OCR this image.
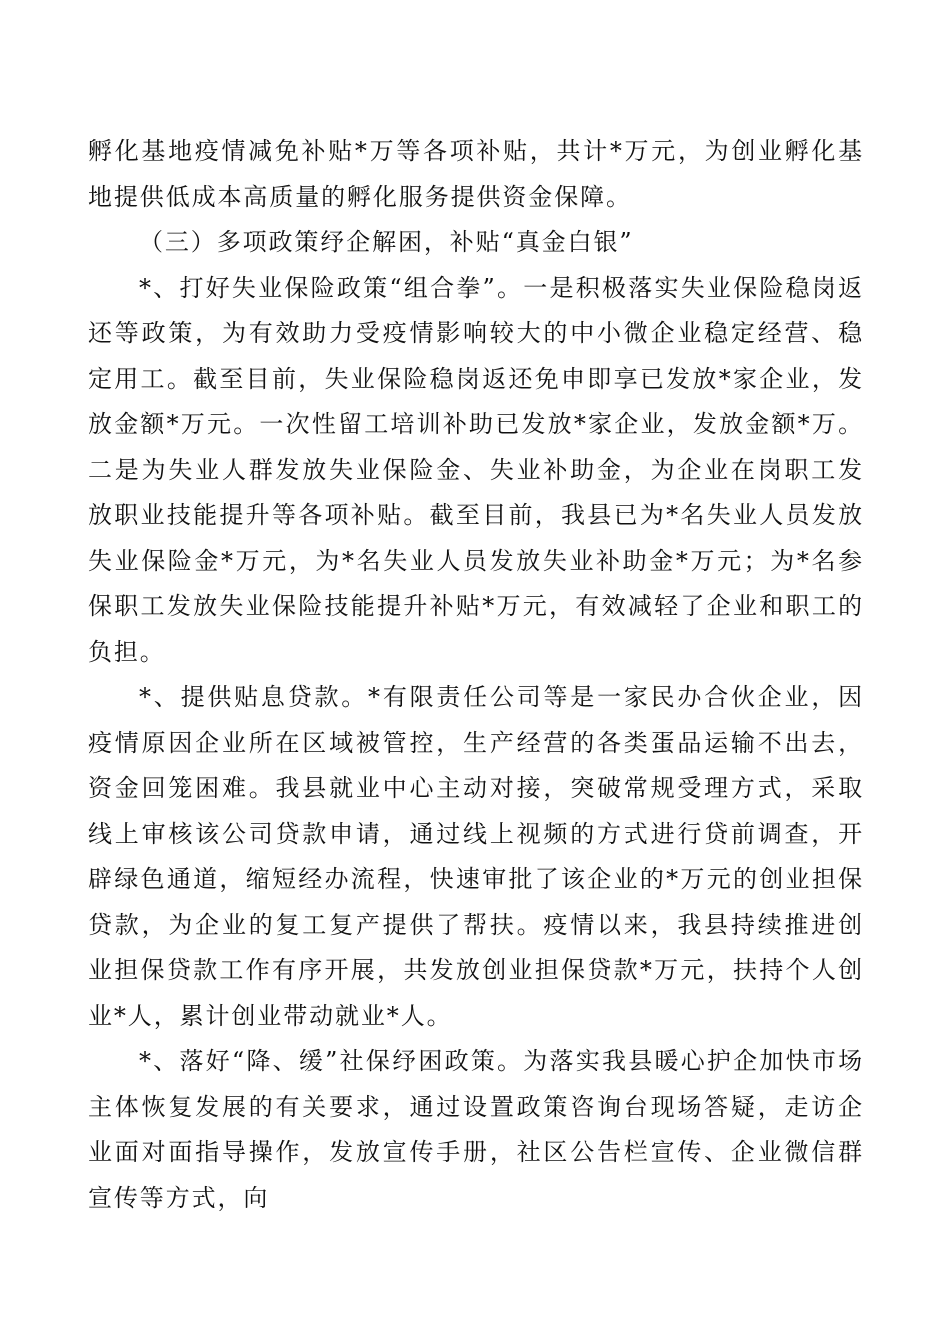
孵化基地疫情减免补贴*万等各项补贴，共计*万元，为创业孵化基地提供低成本高质量的孵化服务提供资金保障。

（三）多项政策纾企解困，补贴“真金白银”

*、打好失业保险政策“组合拳”。一是积极落实失业保险稳岗返还等政策，为有效助力受疫情影响较大的中小微企业稳定经营、稳定用工。截至目前，失业保险稳岗返还免申即享已发放*家企业，发放金额*万元。一次性留工培训补助已发放*家企业，发放金额*万。二是为失业人群发放失业保险金、失业补助金，为企业在岗职工发放职业技能提升等各项补贴。截至目前，我县已为*名失业人员发放失业保险金*万元，为*名失业人员发放失业补助金*万元；为*名参保职工发放失业保险技能提升补贴*万元，有效减轻了企业和职工的负担。

*、提供贴息贷款。*有限责任公司等是一家民办合伙企业，因疫情原因企业所在区域被管控，生产经营的各类蛋品运输不出去，资金回笼困难。我县就业中心主动对接，突破常规受理方式，采取线上审核该公司贷款申请，通过线上视频的方式进行贷前调查，开辟绿色通道，缩短经办流程，快速审批了该企业的*万元的创业担保贷款，为企业的复工复产提供了帮扶。疫情以来，我县持续推进创业担保贷款工作有序开展，共发放创业担保贷款*万元，扶持个人创业*人，累计创业带动就业*人。

*、落好“降、缓”社保纾困政策。为落实我县暖心护企加快市场主体恢复发展的有关要求，通过设置政策咨询台现场答疑，走访企业面对面指导操作，发放宣传手册，社区公告栏宣传、企业微信群宣传等方式，向
